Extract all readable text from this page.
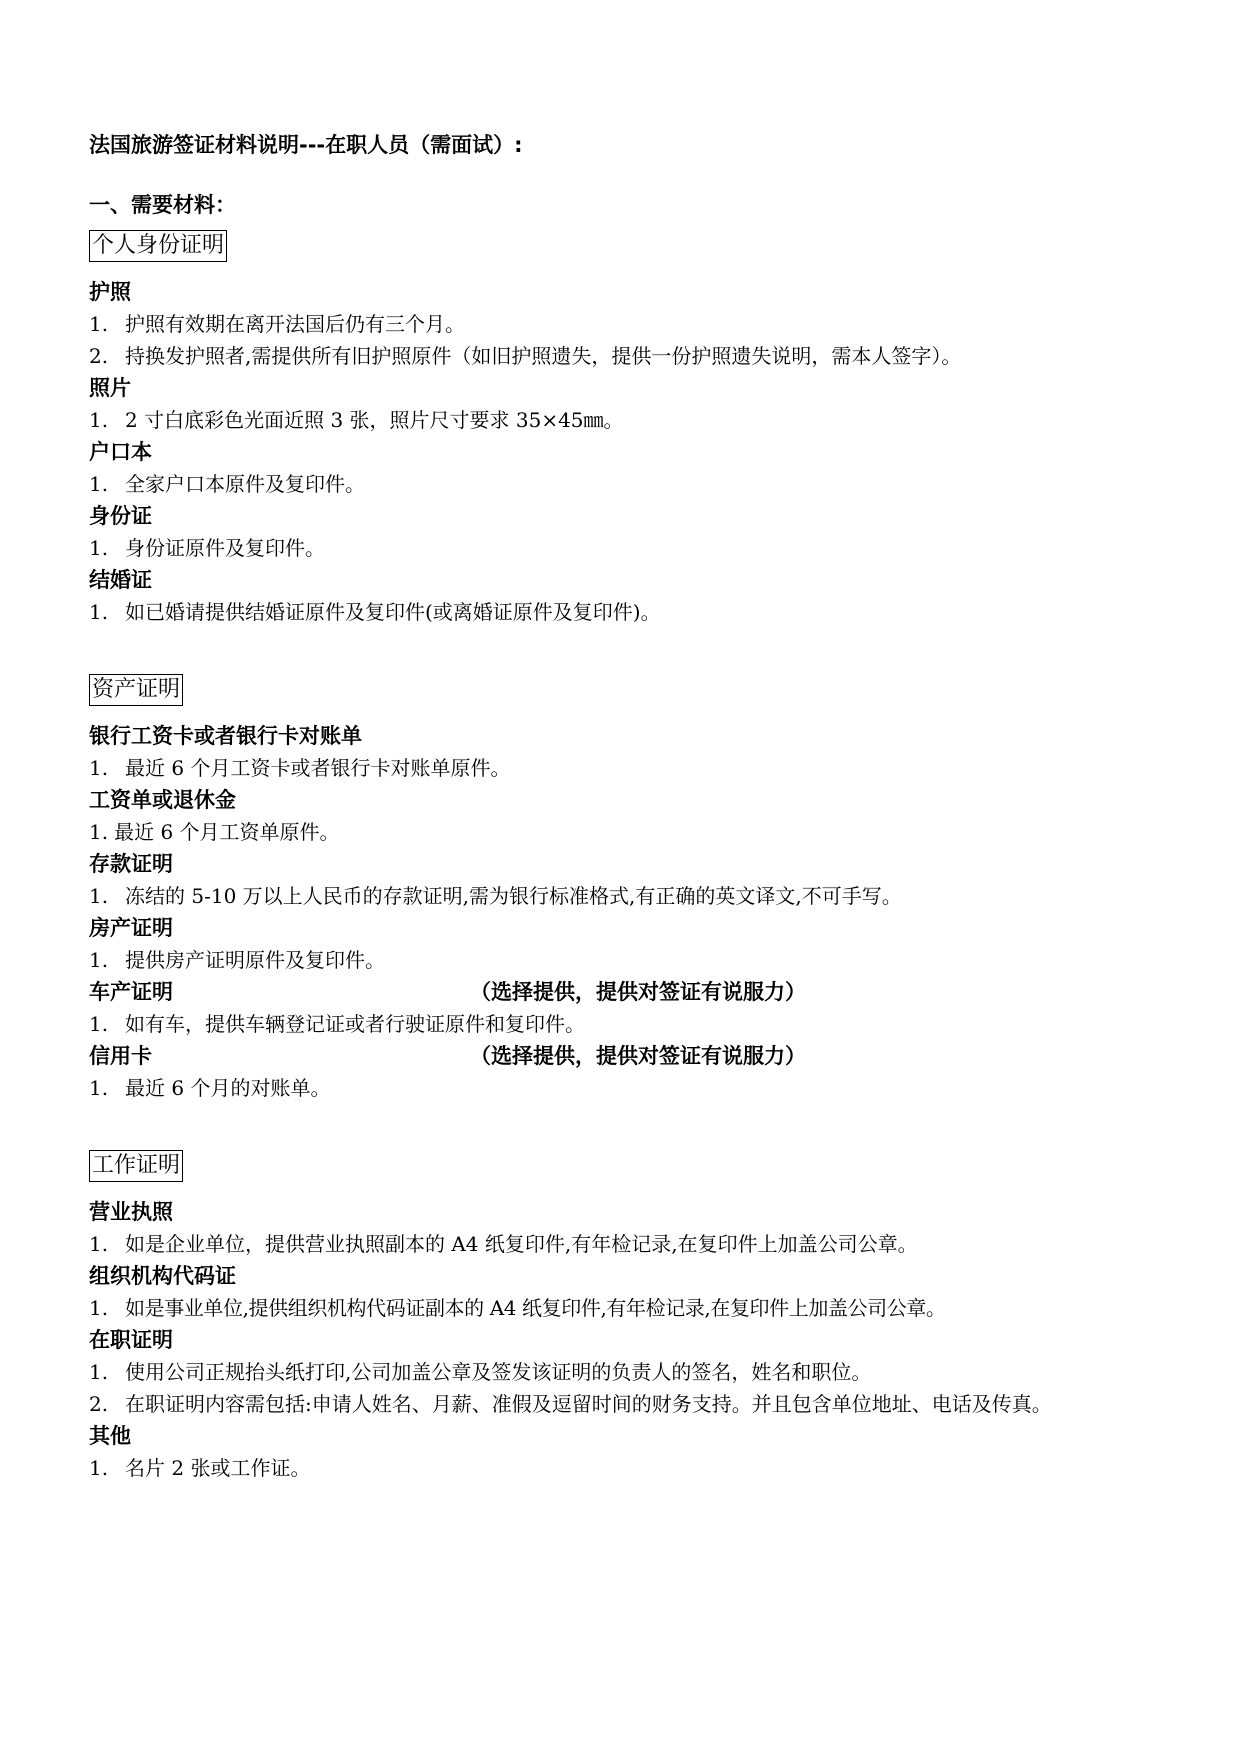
法国旅游签证材料说明---在职人员（需面试）:
一、需要材料：
个人身份证明
护照
1. 护照有效期在离开法国后仍有三个月。
2. 持换发护照者,需提供所有旧护照原件（如旧护照遗失，提供一份护照遗失说明，需本人签字）。
照片
1. 2 寸白底彩色光面近照 3 张，照片尺寸要求 35×45㎜。
户口本
1. 全家户口本原件及复印件。
身份证
1. 身份证原件及复印件。
结婚证
1. 如已婚请提供结婚证原件及复印件(或离婚证原件及复印件)。
资产证明
银行工资卡或者银行卡对账单
1. 最近 6 个月工资卡或者银行卡对账单原件。
工资单或退休金
1. 最近 6 个月工资单原件。
存款证明
1. 冻结的 5-10 万以上人民币的存款证明,需为银行标准格式,有正确的英文译文,不可手写。
房产证明
1. 提供房产证明原件及复印件。
车产证明	（选择提供，提供对签证有说服力）
1. 如有车，提供车辆登记证或者行驶证原件和复印件。
信用卡	（选择提供，提供对签证有说服力）
1. 最近 6 个月的对账单。
工作证明
营业执照
1. 如是企业单位，提供营业执照副本的 A4 纸复印件,有年检记录,在复印件上加盖公司公章。
组织机构代码证
1. 如是事业单位,提供组织机构代码证副本的 A4 纸复印件,有年检记录,在复印件上加盖公司公章。
在职证明
1. 使用公司正规抬头纸打印,公司加盖公章及签发该证明的负责人的签名，姓名和职位。
2. 在职证明内容需包括:申请人姓名、月薪、准假及逗留时间的财务支持。并且包含单位地址、电话及传真。
其他
1. 名片 2 张或工作证。
